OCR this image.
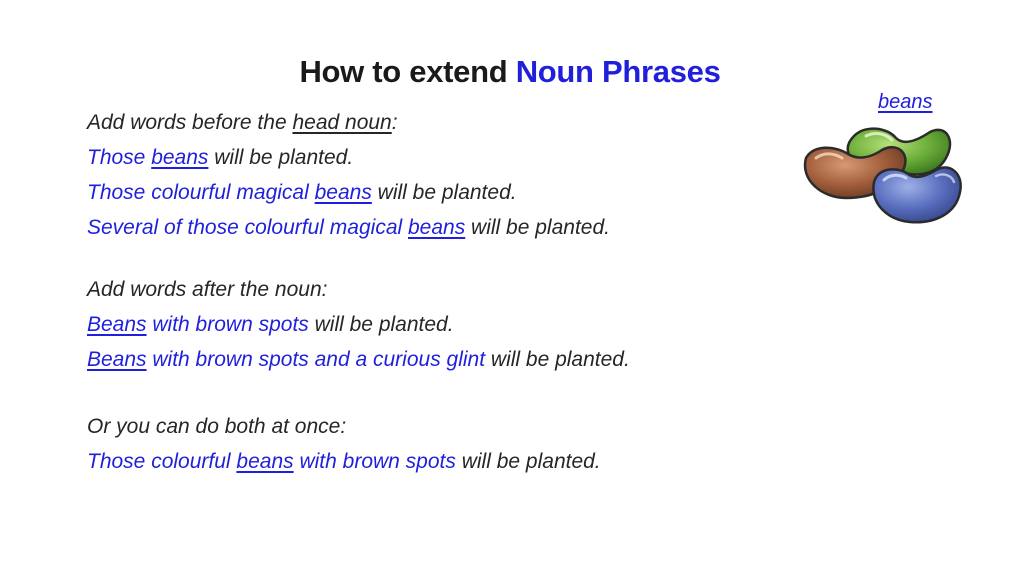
How to extend Noun Phrases
beans
Add words before the head noun:
Those beans will be planted.
Those colourful magical beans will be planted.
Several of those colourful magical beans will be planted.
Add words after the noun:
Beans with brown spots will be planted.
Beans with brown spots and a curious glint will be planted.
Or you can do both at once:
Those colourful beans with brown spots will be planted.
